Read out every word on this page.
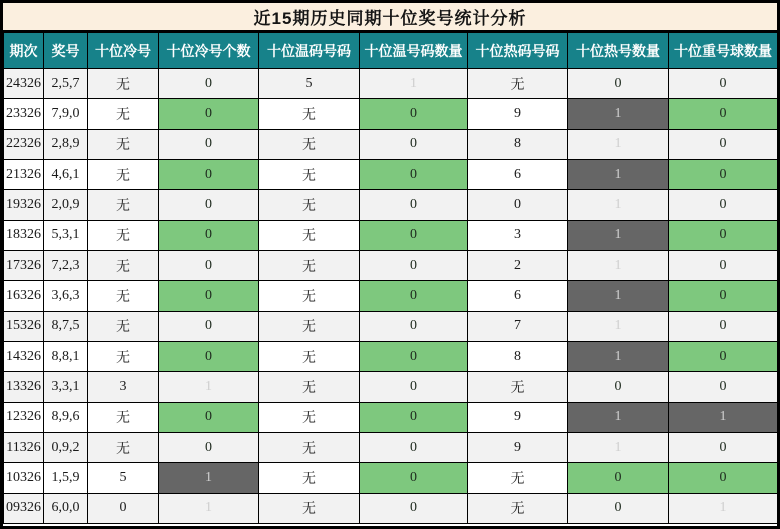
近15期历史同期十位奖号统计分析
期次	奖号	十位冷号	十位冷号个数	十位温码号码	十位温号码数量	十位热码号码	十位热号数量	十位重号球数量
24326	2,5,7	无	0	5	1	无	0	0
23326	7,9,0	无	0	无	0	9	1	0
22326	2,8,9	无	0	无	0	8	1	0
21326	4,6,1	无	0	无	0	6	1	0
19326	2,0,9	无	0	无	0	0	1	0
18326	5,3,1	无	0	无	0	3	1	0
17326	7,2,3	无	0	无	0	2	1	0
16326	3,6,3	无	0	无	0	6	1	0
15326	8,7,5	无	0	无	0	7	1	0
14326	8,8,1	无	0	无	0	8	1	0
13326	3,3,1	3	1	无	0	无	0	0
12326	8,9,6	无	0	无	0	9	1	1
11326	0,9,2	无	0	无	0	9	1	0
10326	1,5,9	5	1	无	0	无	0	0
09326	6,0,0	0	1	无	0	无	0	1
